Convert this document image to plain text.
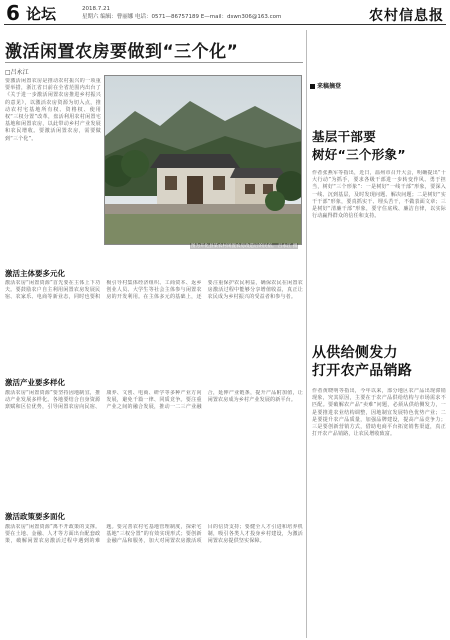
6 论坛	2018.7.21
星期六 编辑：曹丽娜 电话：0571—86757189 E—mail：dswn306@163.com	农村信息报
激活闲置农房要做到“三个化”
□吕永江
要激活闲置农房是推动农村振兴的一项重要举措，浙江省日前在全省范围内出台了《关于进一步激活闲置农房推进乡村振兴的意见》，以激活农房资源为切入点，推动农村宅基地所有权、资格权、使用权“三权分置”改革，盘活利用农村闲置宅基地和闲置农房，以此带动乡村产业发展和农民增收。要激活闲置农房，需要做到“三个化”。
图为开化县某农村闲置农房改造后的民宿。 吕永江 摄
激活主体要多元化
激活农房“闲置资源”首先要在主体上下功夫。要鼓励农户自主利用闲置农房发展民宿、农家乐、电商等新业态，同时也要积极引导村集体经济组织、工商资本、返乡创业人员、大学生等社会主体参与闲置农房的开发利用。在主体多元的基础上，还要注重保护农民利益，确保农民在闲置农房激活过程中能够分享增值收益，真正让农民成为乡村振兴的受益者和参与者。
激活产业要多样化
激活农房“闲置资源”要坚持因地制宜，推动产业发展多样化。各地要结合自身资源禀赋和区位优势，引导闲置农房向民宿、康养、文创、电商、研学等多种产业方向发展，避免千篇一律、同质竞争。要注重产业之间的融合发展，推动一二三产业融合，延伸产业链条，提升产品附加值，让闲置农房成为乡村产业发展的新平台。
激活政策要多面化
激活农房“闲置资源”离不开政策的支撑。要在土地、金融、人才等方面出台配套政策，破解闲置农房激活过程中遇到的难题。要完善农村宅基地管理制度，探索宅基地“三权分置”的有效实现形式；要创新金融产品和服务，加大对闲置农房激活项目的信贷支持；要健全人才引进和培养机制，吸引各类人才投身乡村建设，为激活闲置农房提供坚实保障。
来稿摘登
基层干部要
树好“三个形象”
作者张燕军等指出，近日，温州市召开大会，明确提出“十大行动”为抓手，要求各级干部进一步转变作风、勇于担当，树好“三个形象”：一是树好“一线干部”形象，要深入一线、沉到基层，及时发现问题、解决问题；二是树好“实干干部”形象，要真抓实干、埋头苦干，不做表面文章；三是树好“清廉干部”形象，要守住底线、廉洁自律，以实际行动赢得群众的信任和支持。
从供给侧发力
打开农产品销路
作者黄晓明等指出，今年以来，部分地区农产品出现滞销现象，究其原因，主要在于农产品供给结构与市场需求不匹配。要破解农产品“卖难”问题，必须从供给侧发力，一是要推进农业结构调整，因地制宜发展特色优势产业；二是要提升农产品质量，加强品牌建设，提高产品竞争力；三是要创新营销方式，借助电商平台拓宽销售渠道，真正打开农产品销路，让农民增收致富。
